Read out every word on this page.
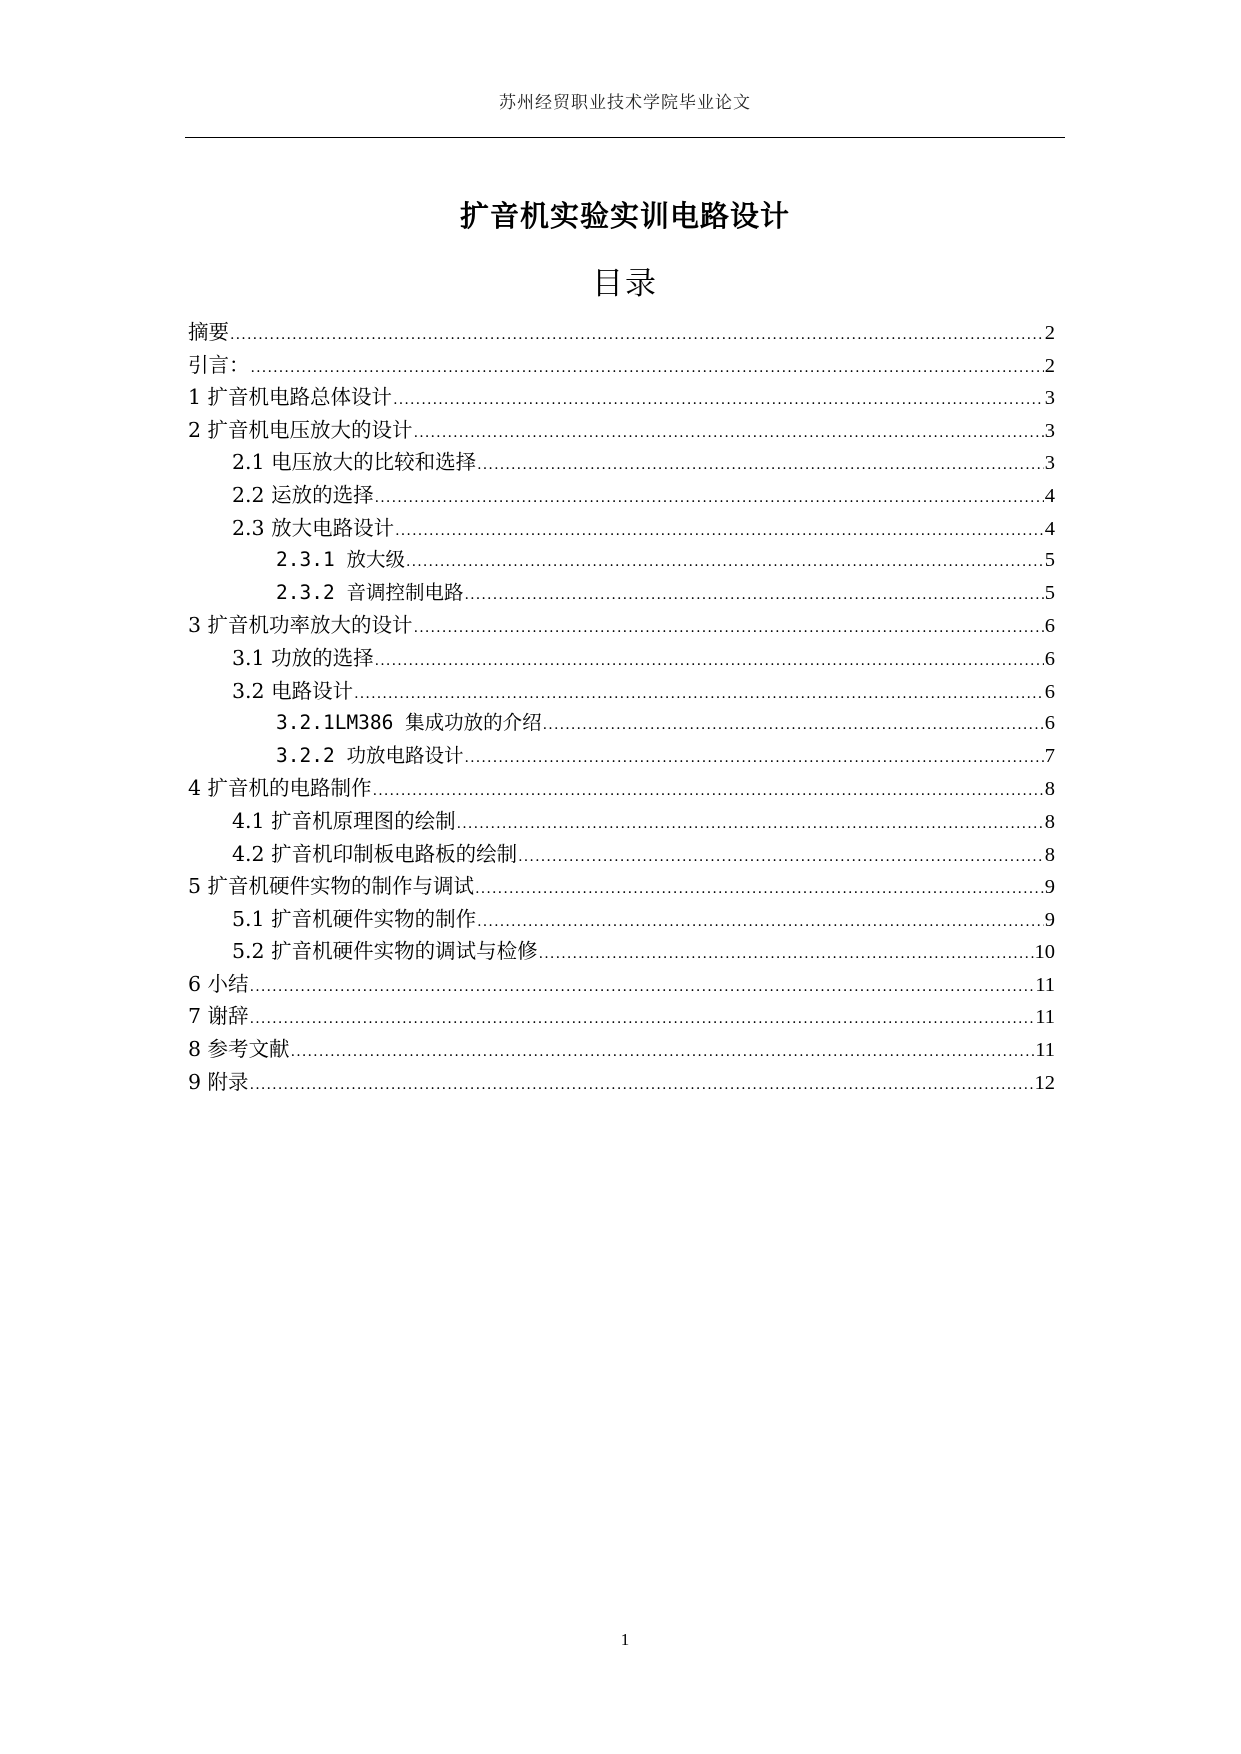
苏州经贸职业技术学院毕业论文
扩音机实验实训电路设计
目录
摘要 .....	2
引言： .....	2
1 扩音机电路总体设计 .....	3
2 扩音机电压放大的设计 .....	3
2.1 电压放大的比较和选择 .....	3
2.2 运放的选择 .....	4
2.3 放大电路设计 .....	4
2.3.1 放大级 .....	5
2.3.2 音调控制电路 .....	5
3 扩音机功率放大的设计 .....	6
3.1 功放的选择 .....	6
3.2 电路设计 .....	6
3.2.1LM386 集成功放的介绍 .....	6
3.2.2 功放电路设计 .....	7
4 扩音机的电路制作 .....	8
4.1 扩音机原理图的绘制 .....	8
4.2 扩音机印制板电路板的绘制 .....	8
5 扩音机硬件实物的制作与调试 .....	9
5.1 扩音机硬件实物的制作 .....	9
5.2 扩音机硬件实物的调试与检修 .....	10
6 小结 .....	11
7 谢辞 .....	11
8 参考文献 .....	11
9 附录 .....	12
1
